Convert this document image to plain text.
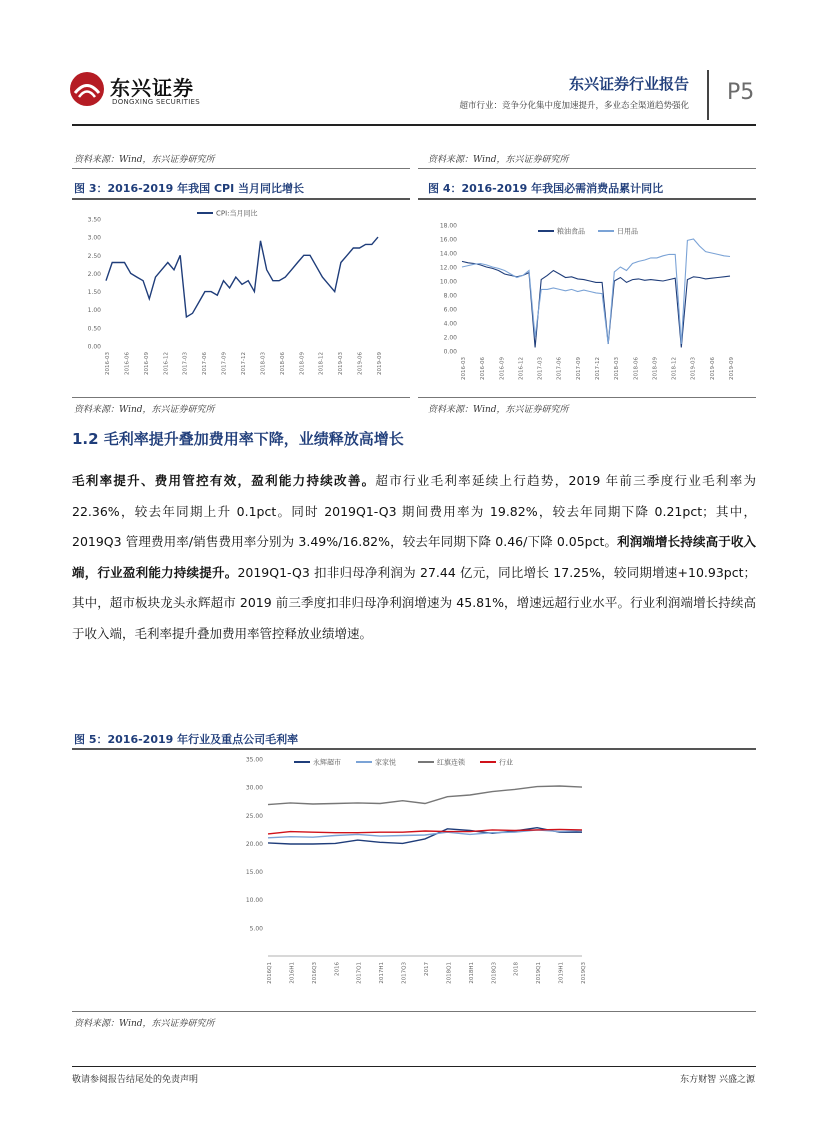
东兴证券
DONGXING SECURITIES
东兴证券行业报告
超市行业：竞争分化集中度加速提升，多业态全渠道趋势强化
P5
资料来源：Wind，东兴证券研究所	资料来源：Wind，东兴证券研究所
图 3：2016-2019 年我国 CPI 当月同比增长
0.00
0.50
1.00
1.50
2.00
2.50
3.00
3.50
2016-03 2016-06 2016-09 2016-12 2017-03 2017-06 2017-09 2017-12 2018-03 2018-06 2018-09 2018-12 2019-03 2019-06 2019-09
CPI:当月同比
资料来源：Wind，东兴证券研究所
图 4：2016-2019 年我国必需消费品累计同比
0.00
2.00
4.00
6.00
8.00
10.00
12.00
14.00
16.00
18.00
2016-03 2016-06 2016-09 2016-12 2017-03 2017-06 2017-09 2017-12 2018-03 2018-06 2018-09 2018-12 2019-03 2019-06 2019-09
粮油食品	日用品
资料来源：Wind，东兴证券研究所
1.2 毛利率提升叠加费用率下降，业绩释放高增长
毛利率提升、费用管控有效，盈利能力持续改善。超市行业毛利率延续上行趋势，2019 年前三季度行业毛利率为 22.36%，较去年同期上升 0.1pct。同时 2019Q1-Q3 期间费用率为 19.82%，较去年同期下降 0.21pct；其中，2019Q3 管理费用率/销售费用率分别为 3.49%/16.82%，较去年同期下降 0.46/下降 0.05pct。利润端增长持续高于收入端，行业盈利能力持续提升。2019Q1-Q3 扣非归母净利润为 27.44 亿元，同比增长 17.25%，较同期增速+10.93pct；其中，超市板块龙头永辉超市 2019 前三季度扣非归母净利润增速为 45.81%，增速远超行业水平。行业利润端增长持续高于收入端，毛利率提升叠加费用率管控释放业绩增速。
图 5：2016-2019 年行业及重点公司毛利率
5.00
10.00
15.00
20.00
25.00
30.00
35.00
2016Q1	2016H1	2016Q3	2016	2017Q1	2017H1	2017Q3	2017	2018Q1	2018H1	2018Q3	2018	2019Q1	2019H1	2019Q3
永辉超市	家家悦	红旗连锁	行业
资料来源：Wind，东兴证券研究所
敬请参阅报告结尾处的免责声明	东方财智 兴盛之源
